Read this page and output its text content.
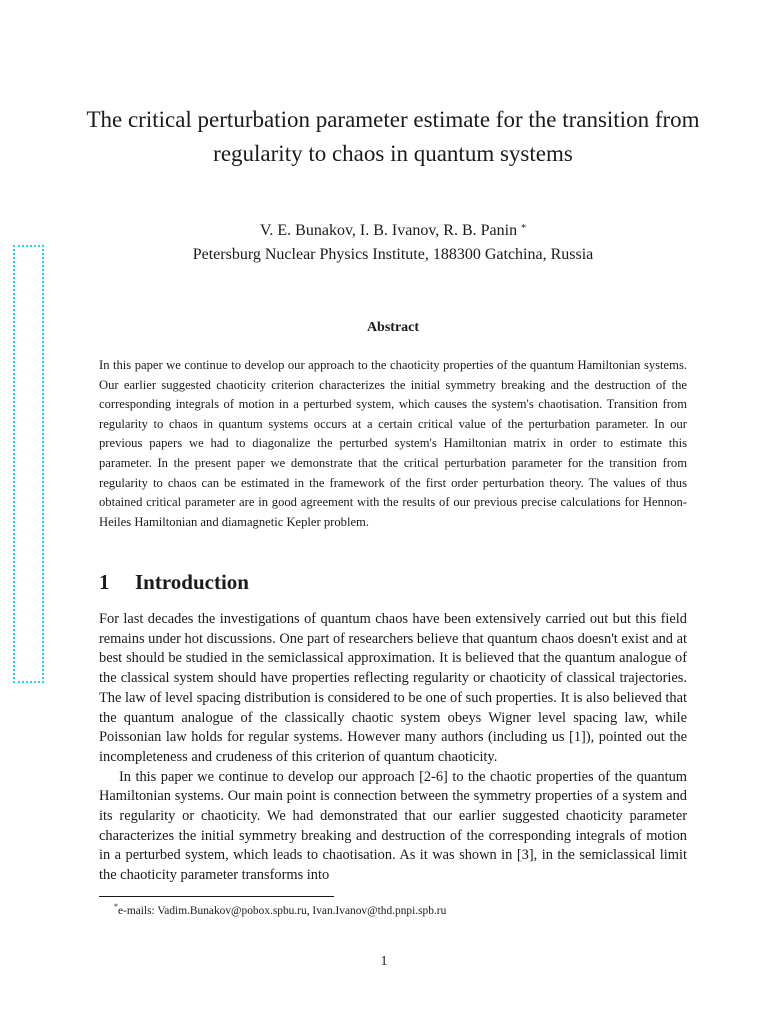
The critical perturbation parameter estimate for the transition from regularity to chaos in quantum systems
V. E. Bunakov, I. B. Ivanov, R. B. Panin *
Petersburg Nuclear Physics Institute, 188300 Gatchina, Russia
Abstract
In this paper we continue to develop our approach to the chaoticity properties of the quantum Hamiltonian systems. Our earlier suggested chaoticity criterion characterizes the initial symmetry breaking and the destruction of the corresponding integrals of motion in a perturbed system, which causes the system's chaotisation. Transition from regularity to chaos in quantum systems occurs at a certain critical value of the perturbation parameter. In our previous papers we had to diagonalize the perturbed system's Hamiltonian matrix in order to estimate this parameter. In the present paper we demonstrate that the critical perturbation parameter for the transition from regularity to chaos can be estimated in the framework of the first order perturbation theory. The values of thus obtained critical parameter are in good agreement with the results of our previous precise calculations for Hennon-Heiles Hamiltonian and diamagnetic Kepler problem.
1 Introduction

For last decades the investigations of quantum chaos have been extensively carried out but this field remains under hot discussions. One part of researchers believe that quantum chaos doesn't exist and at best should be studied in the semiclassical approximation. It is believed that the quantum analogue of the classical system should have properties reflecting regularity or chaoticity of classical trajectories. The law of level spacing distribution is considered to be one of such properties. It is also believed that the quantum analogue of the classically chaotic system obeys Wigner level spacing law, while Poissonian law holds for regular systems. However many authors (including us [1]), pointed out the incompleteness and crudeness of this criterion of quantum chaoticity.

In this paper we continue to develop our approach [2-6] to the chaotic properties of the quantum Hamiltonian systems. Our main point is connection between the symmetry properties of a system and its regularity or chaoticity. We had demonstrated that our earlier suggested chaoticity parameter characterizes the initial symmetry breaking and destruction of the corresponding integrals of motion in a perturbed system, which leads to chaotisation. As it was shown in [3], in the semiclassical limit the chaoticity parameter transforms into

*e-mails: Vadim.Bunakov@pobox.spbu.ru, Ivan.Ivanov@thd.pnpi.spb.ru
1
